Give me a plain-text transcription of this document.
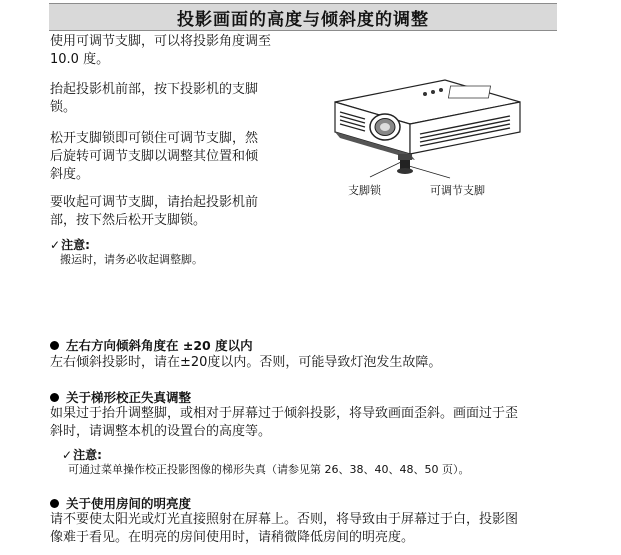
投影画面的高度与倾斜度的调整
使用可调节支脚，可以将投影角度调至
10.0 度。
抬起投影机前部，按下投影机的支脚
锁。
松开支脚锁即可锁住可调节支脚，然
后旋转可调节支脚以调整其位置和倾
斜度。
要收起可调节支脚，请抬起投影机前
部，按下然后松开支脚锁。
✓注意:
搬运时，请务必收起调整脚。
支脚锁	可调节支脚
左右方向倾斜角度在 ±20 度以内
左右倾斜投影时，请在±20度以内。否则，可能导致灯泡发生故障。
关于梯形校正失真调整
如果过于抬升调整脚，或相对于屏幕过于倾斜投影，将导致画面歪斜。画面过于歪
斜时，请调整本机的设置台的高度等。
✓注意:
可通过菜单操作校正投影图像的梯形失真（请参见第 26、38、40、48、50 页）。
关于使用房间的明亮度
请不要使太阳光或灯光直接照射在屏幕上。否则，将导致由于屏幕过于白，投影图
像难于看见。在明亮的房间使用时，请稍微降低房间的明亮度。
